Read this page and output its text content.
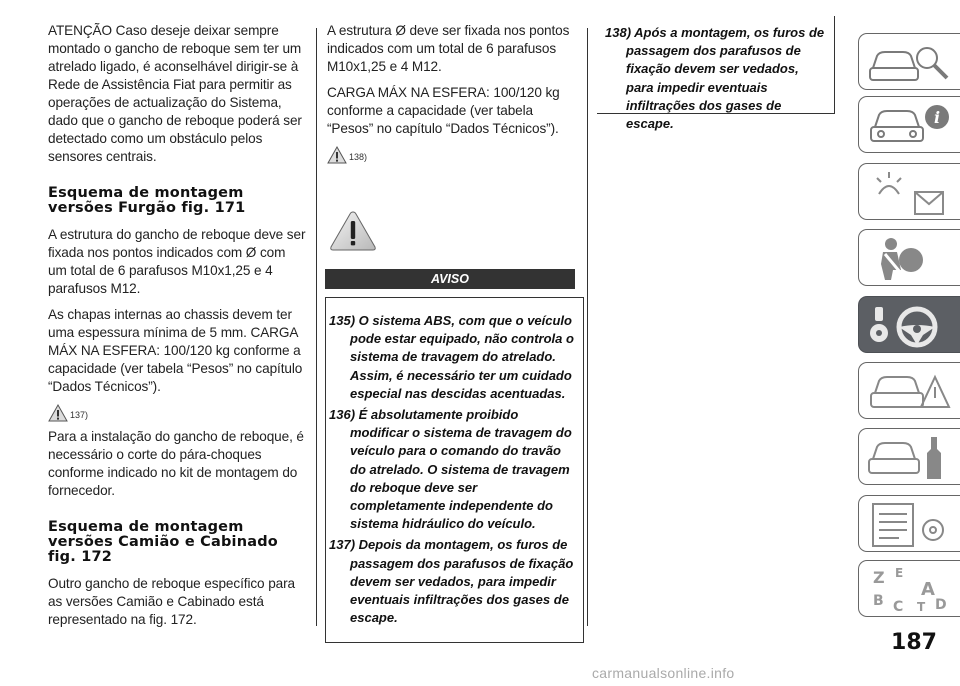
ATENÇÃO Caso deseje deixar sempre montado o gancho de reboque sem ter um atrelado ligado, é aconselhável dirigir-se à Rede de Assistência Fiat para permitir as operações de actualização do Sistema, dado que o gancho de reboque poderá ser detectado como um obstáculo pelos sensores centrais.

Esquema de montagem versões Furgão fig. 171

A estrutura do gancho de reboque deve ser fixada nos pontos indicados com Ø com um total de 6 parafusos M10x1,25 e 4 parafusos M12.

As chapas internas ao chassis devem ter uma espessura mínima de 5 mm. CARGA MÁX NA ESFERA: 100/120 kg conforme a capacidade (ver tabela “Pesos” no capítulo “Dados Técnicos”).

137)

Para a instalação do gancho de reboque, é necessário o corte do pára-choques conforme indicado no kit de montagem do fornecedor.

Esquema de montagem versões Camião e Cabinado fig. 172

Outro gancho de reboque específico para as versões Camião e Cabinado está representado na fig. 172.

A estrutura Ø deve ser fixada nos pontos indicados com um total de 6 parafusos M10x1,25 e 4 M12.

CARGA MÁX NA ESFERA: 100/120 kg conforme a capacidade (ver tabela “Pesos” no capítulo “Dados Técnicos”).

138)
AVISO
135) O sistema ABS, com que o veículo pode estar equipado, não controla o sistema de travagem do atrelado. Assim, é necessário ter um cuidado especial nas descidas acentuadas.
136) É absolutamente proibido modificar o sistema de travagem do veículo para o comando do travão do atrelado. O sistema de travagem do reboque deve ser completamente independente do sistema hidráulico do veículo.
137) Depois da montagem, os furos de passagem dos parafusos de fixação devem ser vedados, para impedir eventuais infiltrações dos gases de escape.
138) Após a montagem, os furos de passagem dos parafusos de fixação devem ser vedados, para impedir eventuais infiltrações dos gases de escape.	i
Z E
A
B C T D
187
carmanualsonline.info
